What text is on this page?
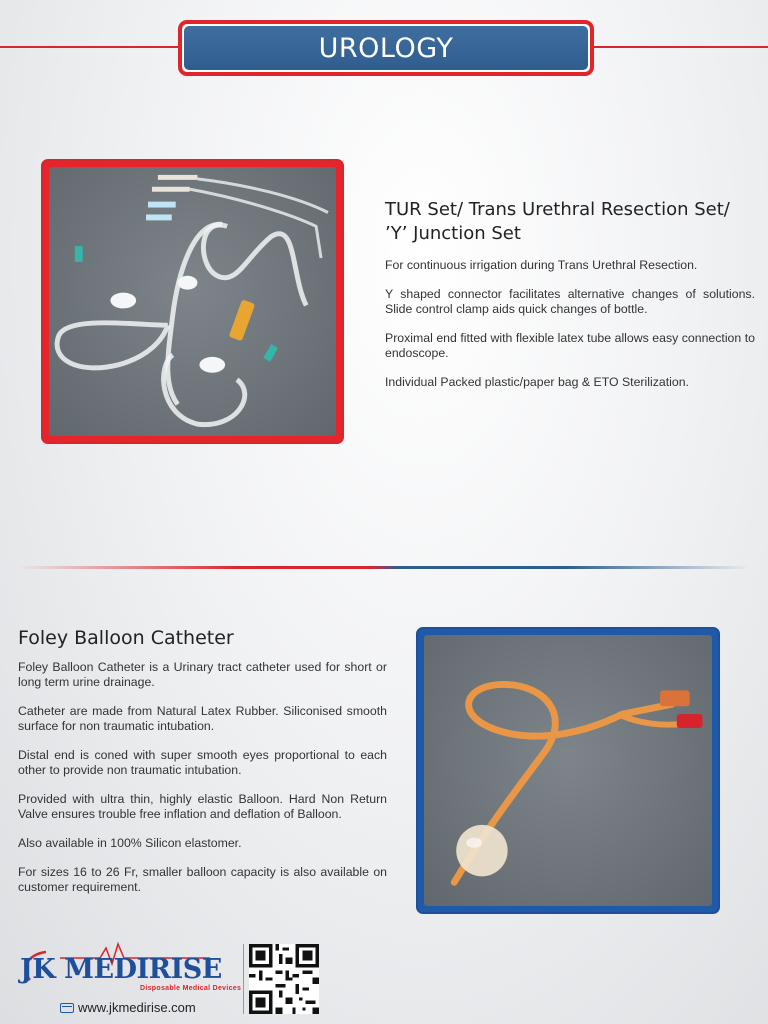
UROLOGY
TUR Set/ Trans Urethral Resection Set/
’Y’ Junction Set

For continuous irrigation during Trans Urethral Resection.

Y shaped connector facilitates alternative changes of solutions. Slide control clamp aids quick changes of bottle.

Proximal end fitted with flexible latex tube allows easy connection to endoscope.

Individual Packed plastic/paper bag & ETO Sterilization.

Foley Balloon Catheter

Foley Balloon Catheter is a Urinary tract catheter used for short or long term urine drainage.

Catheter are made from Natural Latex Rubber. Siliconised smooth surface for non traumatic intubation.

Distal end is coned with super smooth eyes proportional to each other to provide non traumatic intubation.

Provided with ultra thin, highly elastic Balloon. Hard Non Return Valve ensures trouble free inflation and deflation of Balloon.

Also available in 100% Silicon elastomer.

For sizes 16 to 26 Fr, smaller balloon capacity is also available on customer requirement.

JK MEDIRISE
Disposable Medical Devices
www.jkmedirise.com
